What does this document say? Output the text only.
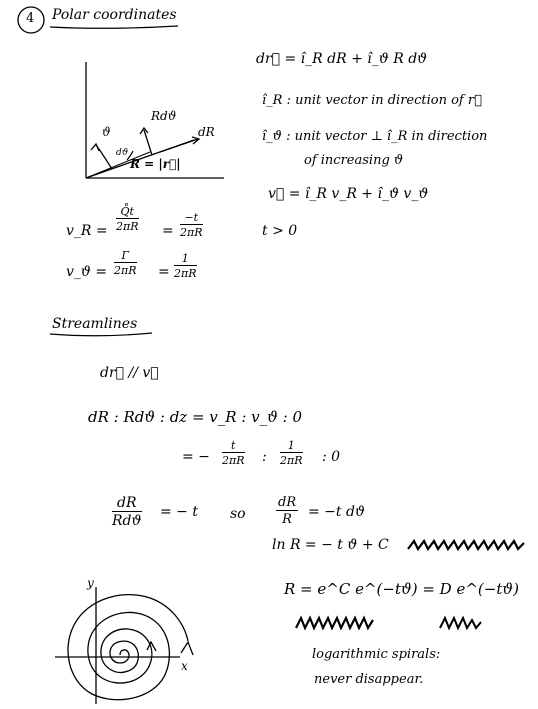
4 Polar coordinates
ϑ
Rdϑ
dR
dϑ
R = |r⃗|
dr⃗ = î_R dR + î_ϑ R dϑ
î_R : unit vector in direction of r⃗
î_ϑ : unit vector ⊥ î_R in direction
of increasing ϑ
v⃗ = î_R v_R + î_ϑ v_ϑ
v_R = $\frac{Q̊t}{2\pi R} = \frac{-t}{2\pi R}$	t > 0
v_ϑ = $\frac{\Gamma}{2\pi R} = \frac{1}{2\pi R}$
Streamlines
dr⃗ // v⃗
dR : Rdϑ : dz = v_R : v_ϑ : 0
= − $\frac{t}{2\pi R}$ : $\frac{1}{2\pi R}$ : 0
dR
Rdϑ
= − t so $\frac{dR}{R} = -t$ dϑ
ln R = − t ϑ + C
R = e^C e^(−tϑ) = D e^(−tϑ)
logarithmic spirals:
never disappear.
y
x
